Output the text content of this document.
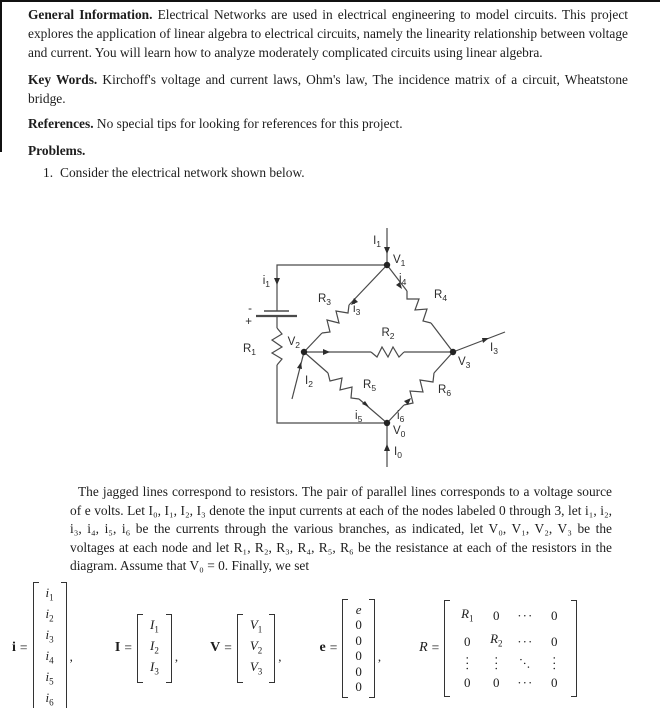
General Information. Electrical Networks are used in electrical engineering to model circuits. This project explores the application of linear algebra to electrical circuits, namely the linearity relationship between voltage and current. You will learn how to analyze moderately complicated circuits using linear algebra.

Key Words. Kirchoff's voltage and current laws, Ohm's law, The incidence matrix of a circuit, Wheatstone bridge.

References. No special tips for looking for references for this project.

Problems.
1. Consider the electrical network shown below.
$I_1$
$V_1$
$i_1$
-
+
$R_1$
$R_3$
$i_3$
$i_4$
$R_4$
$V_2$
$I_2$
$R_2$
$R_5$
$i_5$
$R_6$
$i_6$
$V_3$
$I_3$
$V_0$
$I_0$

The jagged lines correspond to resistors. The pair of parallel lines corresponds to a voltage source of e volts. Let I₀, I₁, I₂, I₃ denote the input currents at each of the nodes labeled 0 through 3, let i₁, i₂, i₃, i₄, i₅, i₆ be the currents through the various branches, as indicated, let V₀, V₁, V₂, V₃ be the voltages at each node and let R₁, R₂, R₃, R₄, R₅, R₆ be the resistance at each of the resistors in the diagram. Assume that V₀ = 0. Finally, we set

i =
$i_1$
$i_2$
$i_3$
$i_4$
$i_5$
$i_6$
,
I =
$I_1$
$I_2$
$I_3$
,
V =
$V_1$
$V_2$
$V_3$
,
e =
e
0
0
0
0
0
,
R =
$R_1$ 0 ··· 0
0 $R_2$ ··· 0
··· ··· ··· ···
0 0 ··· 0
